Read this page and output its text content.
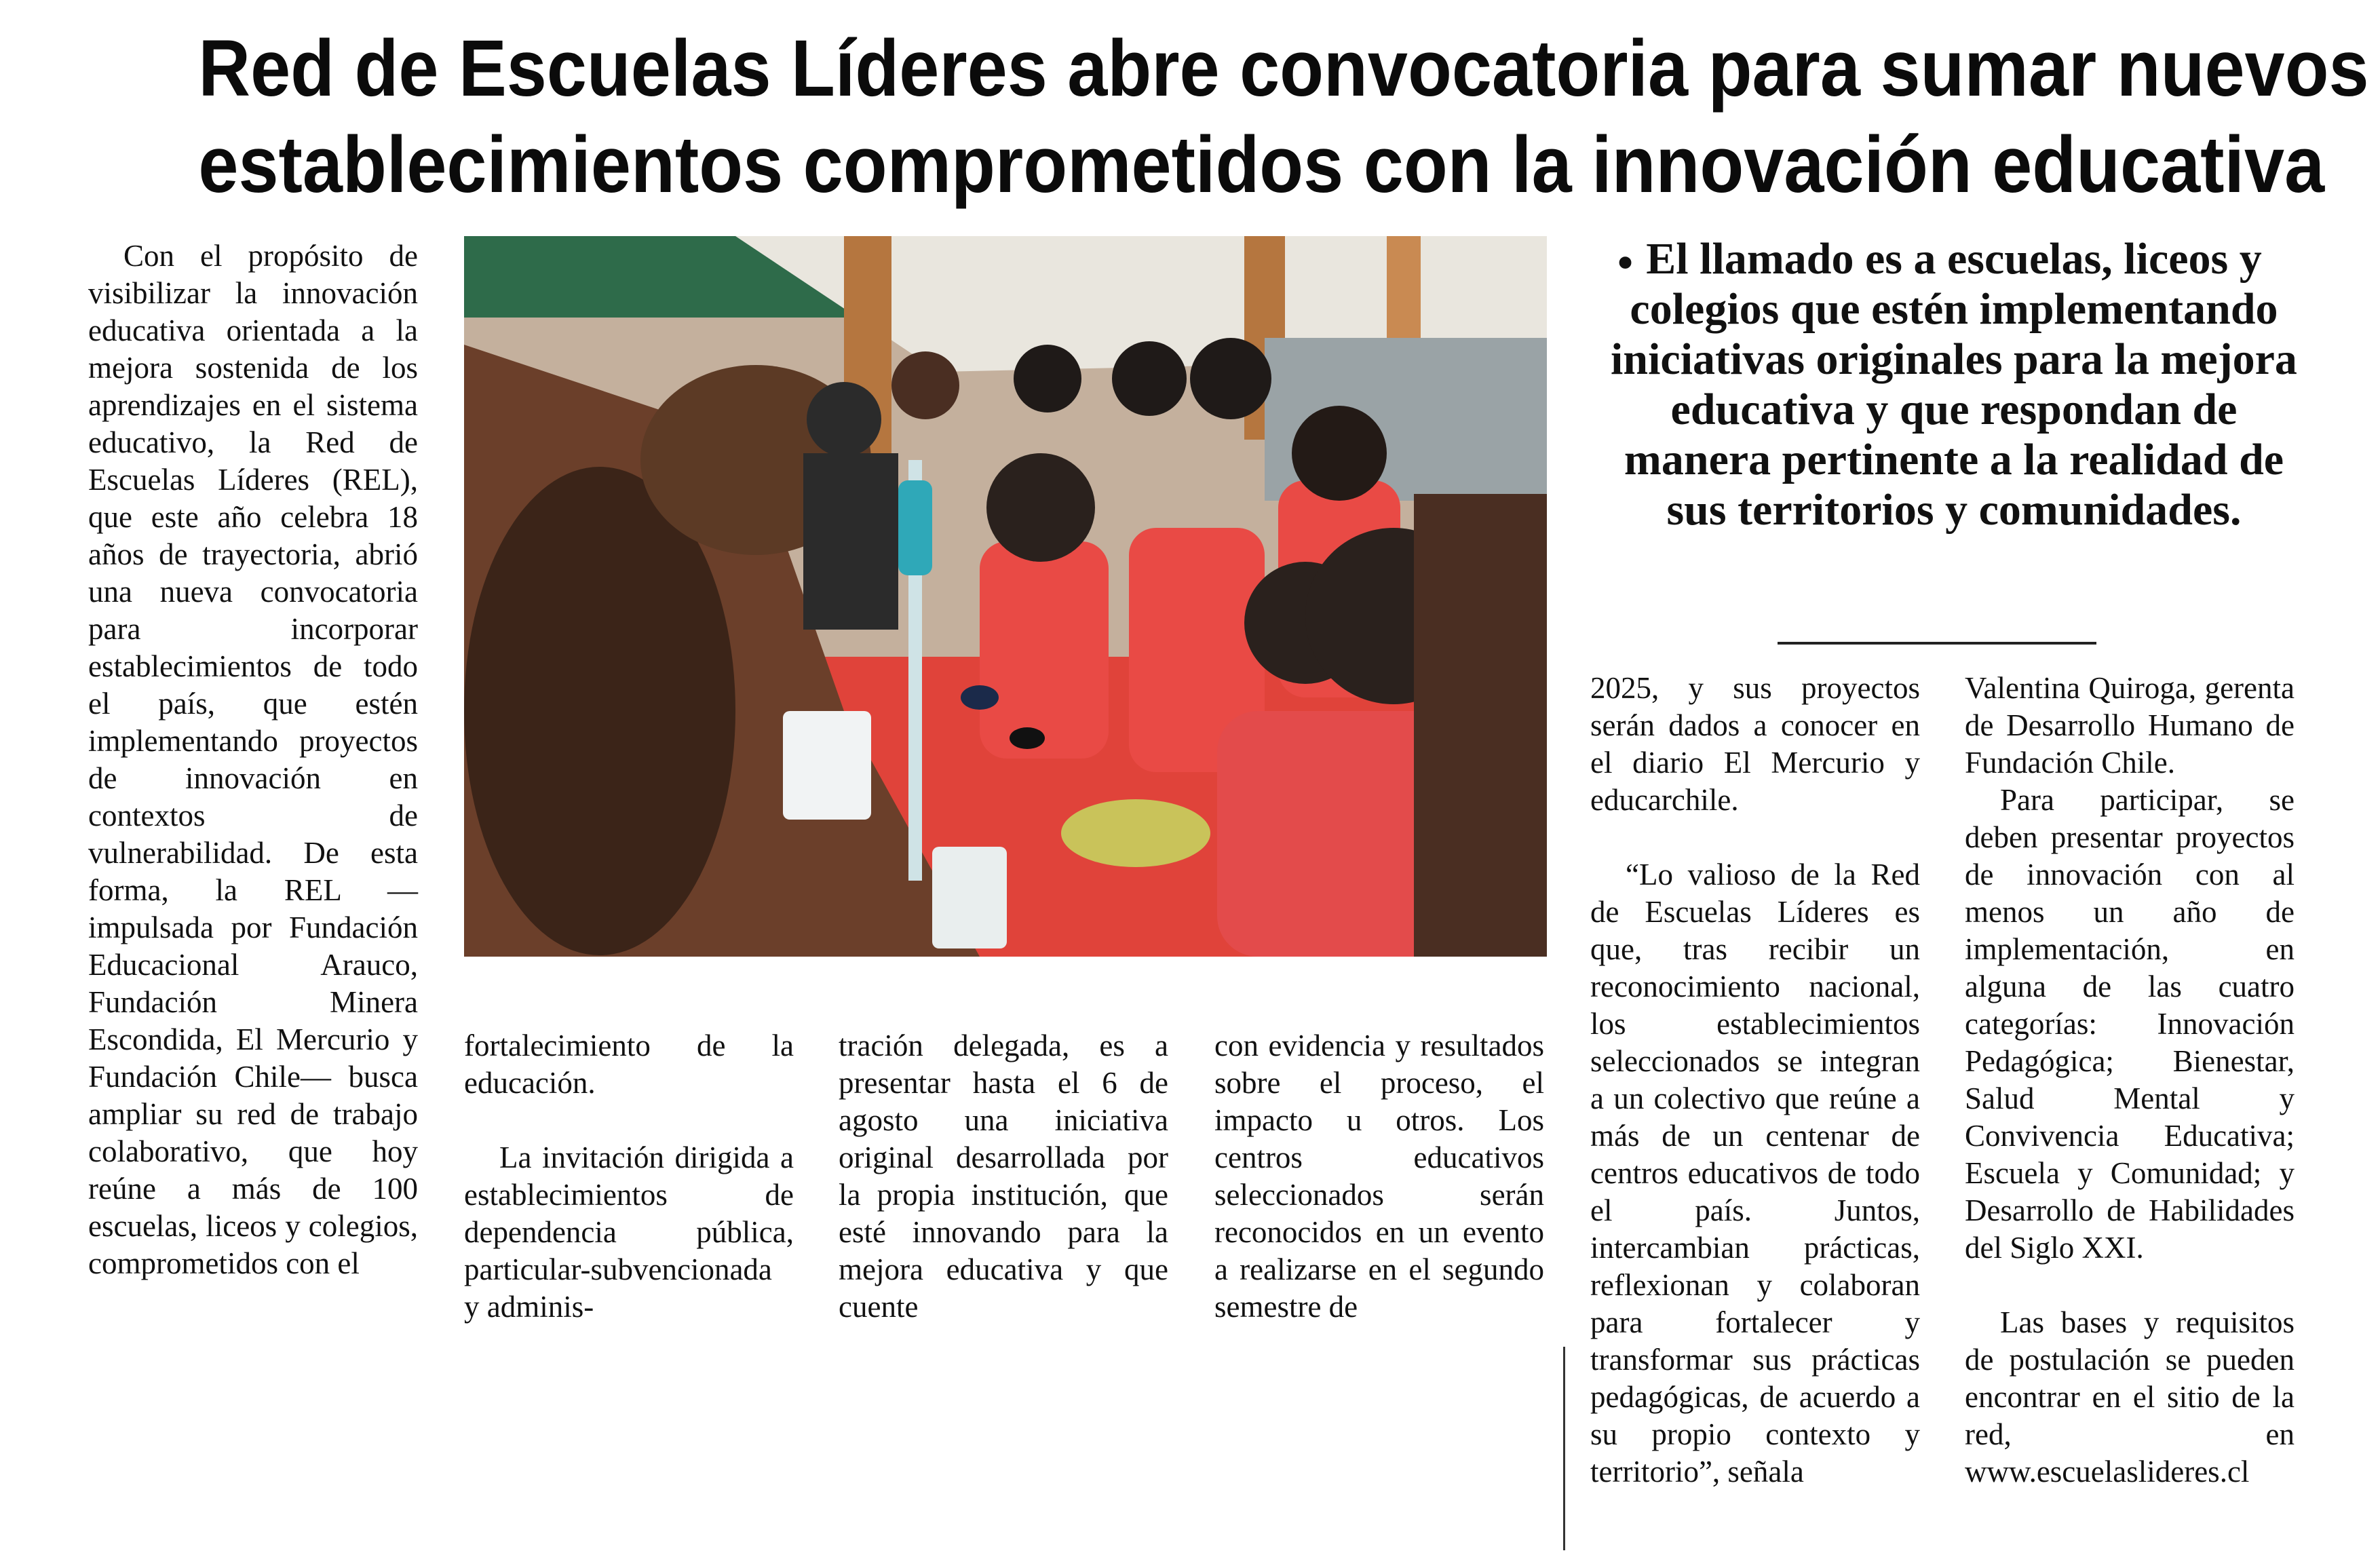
Red de Escuelas Líderes abre convocatoria para sumar nuevos
establecimientos comprometidos con la innovación educativa

Con el propósito de visibilizar la innovación educativa orientada a la mejora sostenida de los aprendizajes en el sistema educativo, la Red de Escuelas Líderes (REL), que este año celebra 18 años de trayectoria, abrió una nueva convocatoria para incorporar establecimientos de todo el país, que estén implementando proyectos de innovación en contextos de vulnerabilidad. De esta forma, la REL —impulsada por Fundación Educacional Arauco, Fundación Minera Escondida, El Mercurio y Fundación Chile— busca ampliar su red de trabajo colaborativo, que hoy reúne a más de 100 escuelas, liceos y colegios, comprometidos con el

fortalecimiento de la educación.

La invitación dirigida a establecimientos de dependencia pública, particular-subvencionada y adminis-

tración delegada, es a presentar hasta el 6 de agosto una iniciativa original desarrollada por la propia institución, que esté innovando para la mejora educativa y que cuente

con evidencia y resultados sobre el proceso, el impacto u otros. Los centros educativos seleccionados serán reconocidos en un evento a realizarse en el segundo semestre de

• El llamado es a escuelas, liceos y colegios que estén implementando iniciativas originales para la mejora educativa y que respondan de manera pertinente a la realidad de sus territorios y comunidades.

2025, y sus proyectos serán dados a conocer en el diario El Mercurio y educarchile.

“Lo valioso de la Red de Escuelas Líderes es que, tras recibir un reconocimiento nacional, los establecimientos seleccionados se integran a un colectivo que reúne a más de un centenar de centros educativos de todo el país. Juntos, intercambian prácticas, reflexionan y colaboran para fortalecer y transformar sus prácticas pedagógicas, de acuerdo a su propio contexto y territorio”, señala

Valentina Quiroga, gerenta de Desarrollo Humano de Fundación Chile.

Para participar, se deben presentar proyectos de innovación con al menos un año de implementación, en alguna de las cuatro categorías: Innovación Pedagógica; Bienestar, Salud Mental y Convivencia Educativa; Escuela y Comunidad; y Desarrollo de Habilidades del Siglo XXI.

Las bases y requisitos de postulación se pueden encontrar en el sitio de la red, en www.escuelaslideres.cl
